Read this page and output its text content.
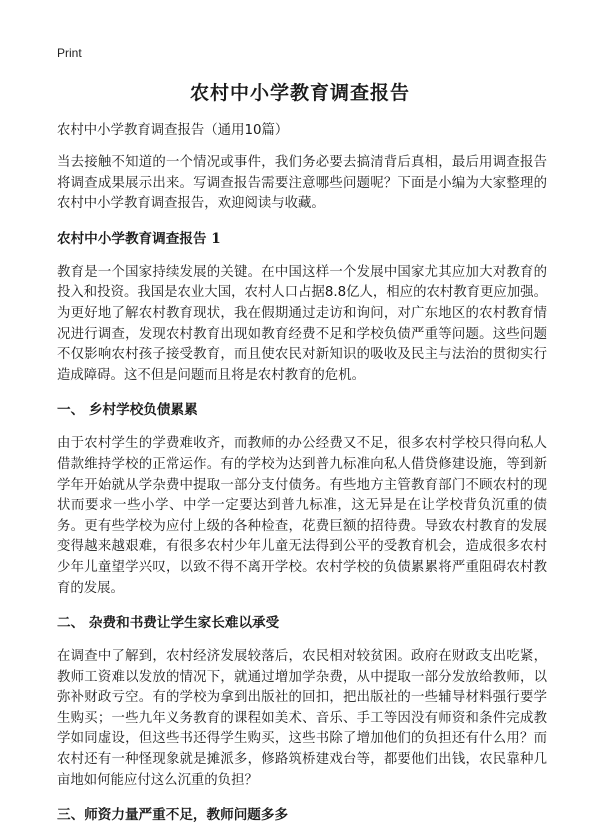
Print
农村中小学教育调查报告
农村中小学教育调查报告（通用10篇）

当去接触不知道的一个情况或事件，我们务必要去搞清背后真相，最后用调查报告将调查成果展示出来。写调查报告需要注意哪些问题呢？下面是小编为大家整理的农村中小学教育调查报告，欢迎阅读与收藏。

农村中小学教育调查报告 1

教育是一个国家持续发展的关键。在中国这样一个发展中国家尤其应加大对教育的投入和投资。我国是农业大国，农村人口占据8.8亿人，相应的农村教育更应加强。为更好地了解农村教育现状，我在假期通过走访和询问，对广东地区的农村教育情况进行调查，发现农村教育出现如教育经费不足和学校负债严重等问题。这些问题不仅影响农村孩子接受教育，而且使农民对新知识的吸收及民主与法治的贯彻实行造成障碍。这不但是问题而且将是农村教育的危机。

一、 乡村学校负债累累

由于农村学生的学费难收齐，而教师的办公经费又不足，很多农村学校只得向私人借款维持学校的正常运作。有的学校为达到普九标准向私人借贷修建设施，等到新学年开始就从学杂费中提取一部分支付债务。有些地方主管教育部门不顾农村的现状而要求一些小学、中学一定要达到普九标准，这无异是在让学校背负沉重的债务。更有些学校为应付上级的各种检查，花费巨额的招待费。导致农村教育的发展变得越来越艰难，有很多农村少年儿童无法得到公平的受教育机会，造成很多农村少年儿童望学兴叹，以致不得不离开学校。农村学校的负债累累将严重阻碍农村教育的发展。

二、 杂费和书费让学生家长难以承受

在调查中了解到，农村经济发展较落后，农民相对较贫困。政府在财政支出吃紧，教师工资难以发放的情况下，就通过增加学杂费，从中提取一部分发放给教师，以弥补财政亏空。有的学校为拿到出版社的回扣，把出版社的一些辅导材料强行要学生购买；一些九年义务教育的课程如美术、音乐、手工等因没有师资和条件完成教学如同虚设，但这些书还得学生购买，这些书除了增加他们的负担还有什么用？而农村还有一种怪现象就是摊派多，修路筑桥建戏台等，都要他们出钱，农民靠种几亩地如何能应付这么沉重的负担？

三、师资力量严重不足，教师问题多多
